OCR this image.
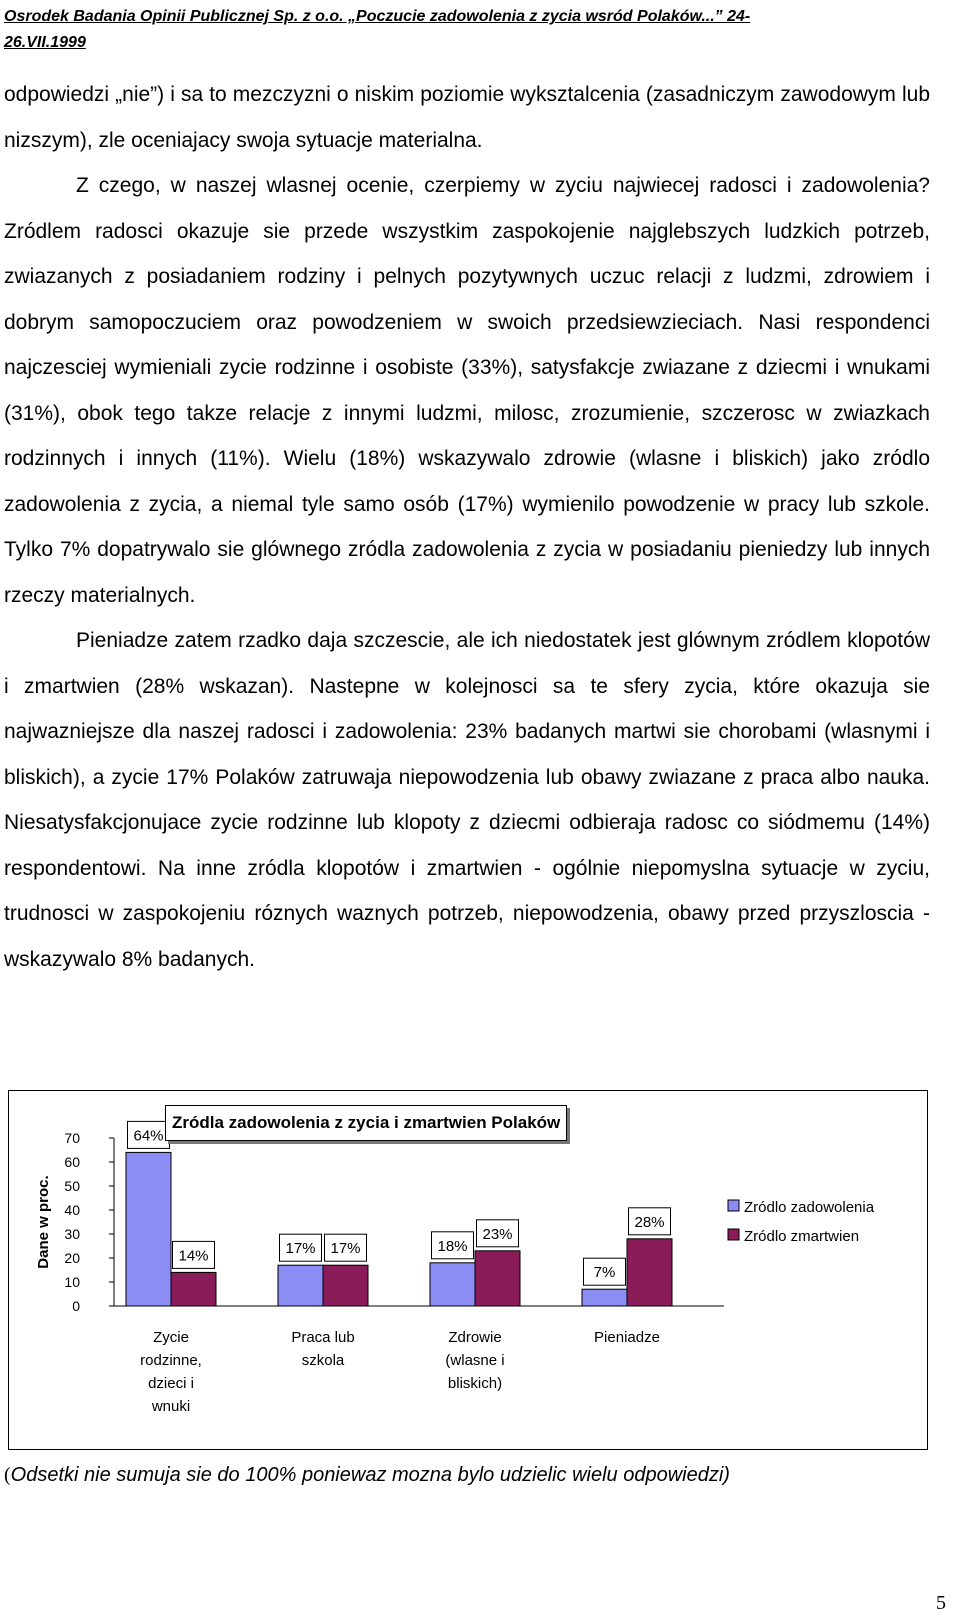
Osrodek Badania Opinii Publicznej Sp. z o.o. „Poczucie zadowolenia z zycia wsród Polaków...” 24-
26.VII.1999

odpowiedzi „nie”) i sa to mezczyzni o niskim poziomie wyksztalcenia (zasadniczym zawodowym lub nizszym), zle oceniajacy swoja sytuacje materialna.

Z czego, w naszej wlasnej ocenie, czerpiemy w zyciu najwiecej radosci i zadowolenia? Zródlem radosci okazuje sie przede wszystkim zaspokojenie najglebszych ludzkich potrzeb, zwiazanych z posiadaniem rodziny i pelnych pozytywnych uczuc relacji z ludzmi, zdrowiem i dobrym samopoczuciem oraz powodzeniem w swoich przedsiewzieciach. Nasi respondenci najczesciej wymieniali zycie rodzinne i osobiste (33%), satysfakcje zwiazane z dziecmi i wnukami (31%), obok tego takze relacje z innymi ludzmi, milosc, zrozumienie, szczerosc w zwiazkach rodzinnych i innych (11%). Wielu (18%) wskazywalo zdrowie (wlasne i bliskich) jako zródlo zadowolenia z zycia, a niemal tyle samo osób (17%) wymienilo powodzenie w pracy lub szkole. Tylko 7% dopatrywalo sie glównego zródla zadowolenia z zycia w posiadaniu pieniedzy lub innych rzeczy materialnych.

Pieniadze zatem rzadko daja szczescie, ale ich niedostatek jest glównym zródlem klopotów i zmartwien (28% wskazan). Nastepne w kolejnosci sa te sfery zycia, które okazuja sie najwazniejsze dla naszej radosci i zadowolenia: 23% badanych martwi sie chorobami (wlasnymi i bliskich), a zycie 17% Polaków zatruwaja niepowodzenia lub obawy zwiazane z praca albo nauka. Niesatysfakcjonujace zycie rodzinne lub klopoty z dziecmi odbieraja radosc co siódmemu (14%) respondentowi. Na inne zródla klopotów i zmartwien - ogólnie niepomyslna sytuacje w zyciu, trudnosci w zaspokojeniu róznych waznych potrzeb, niepowodzenia, obawy przed przyszloscia - wskazywalo 8% badanych.

Dane w proc.
0
10
20
30
40
50
60
70	64%
14%
Zycie
rodzinne,
dzieci i
wnuki
17% 17%
Praca lub
szkola
18%
23%
Zdrowie
(wlasne i
bliskich)
7%
28%
Pieniadze
Zródlo zadowolenia
Zródlo zmartwien
Zródla zadowolenia z zycia i zmartwien Polaków
(Odsetki nie sumuja sie do 100% poniewaz mozna bylo udzielic wielu odpowiedzi)
5
